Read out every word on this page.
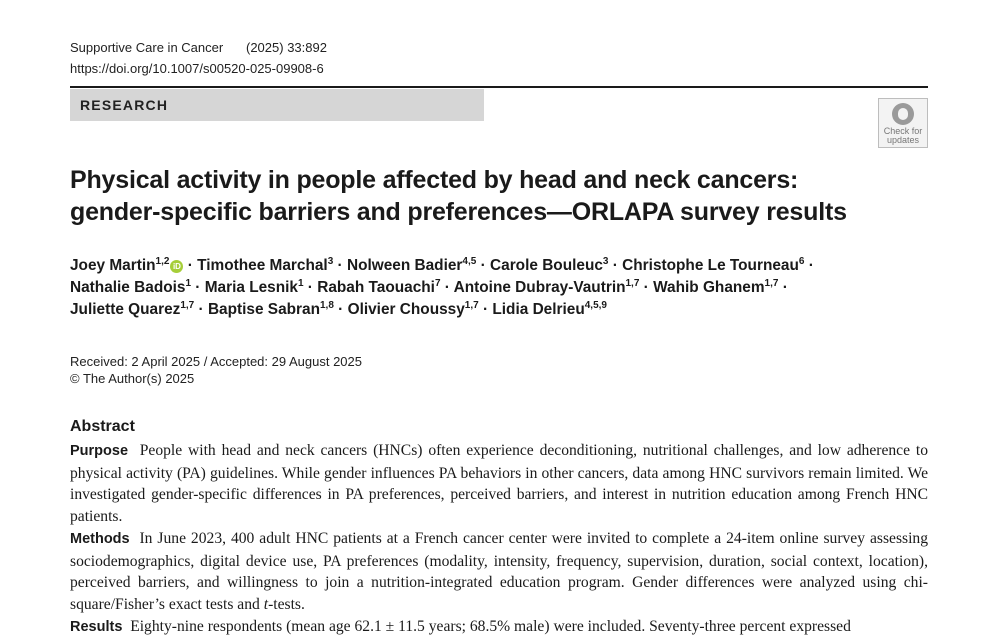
Supportive Care in Cancer (2025) 33:892
https://doi.org/10.1007/s00520-025-09908-6
RESEARCH
Check for
updates
Physical activity in people affected by head and neck cancers: gender-specific barriers and preferences—ORLAPA survey results
Joey Martin$^{1,2}$ iD · Timothee Marchal$^3$ · Nolween Badier$^{4,5}$ · Carole Bouleuc$^3$ · Christophe Le Tourneau$^6$ ·
Nathalie Badois$^1$ · Maria Lesnik$^1$ · Rabah Taouachi$^7$ · Antoine Dubray-Vautrin$^{1,7}$ · Wahib Ghanem$^{1,7}$ ·
Juliette Quarez$^{1,7}$ · Baptise Sabran$^{1,8}$ · Olivier Choussy$^{1,7}$ · Lidia Delrieu$^{4,5,9}$
Received: 2 April 2025 / Accepted: 29 August 2025
© The Author(s) 2025
Abstract

Purpose People with head and neck cancers (HNCs) often experience deconditioning, nutritional challenges, and low adherence to physical activity (PA) guidelines. While gender influences PA behaviors in other cancers, data among HNC survivors remain limited. We investigated gender-specific differences in PA preferences, perceived barriers, and interest in nutrition education among French HNC patients.

Methods In June 2023, 400 adult HNC patients at a French cancer center were invited to complete a 24-item online survey assessing sociodemographics, digital device use, PA preferences (modality, intensity, frequency, supervision, duration, social context, location), perceived barriers, and willingness to join a nutrition-integrated education program. Gender differences were analyzed using chi-square/Fisher’s exact tests and t-tests.

Results Eighty-nine respondents (mean age 62.1 ± 11.5 years; 68.5% male) were included. Seventy-three percent expressed
